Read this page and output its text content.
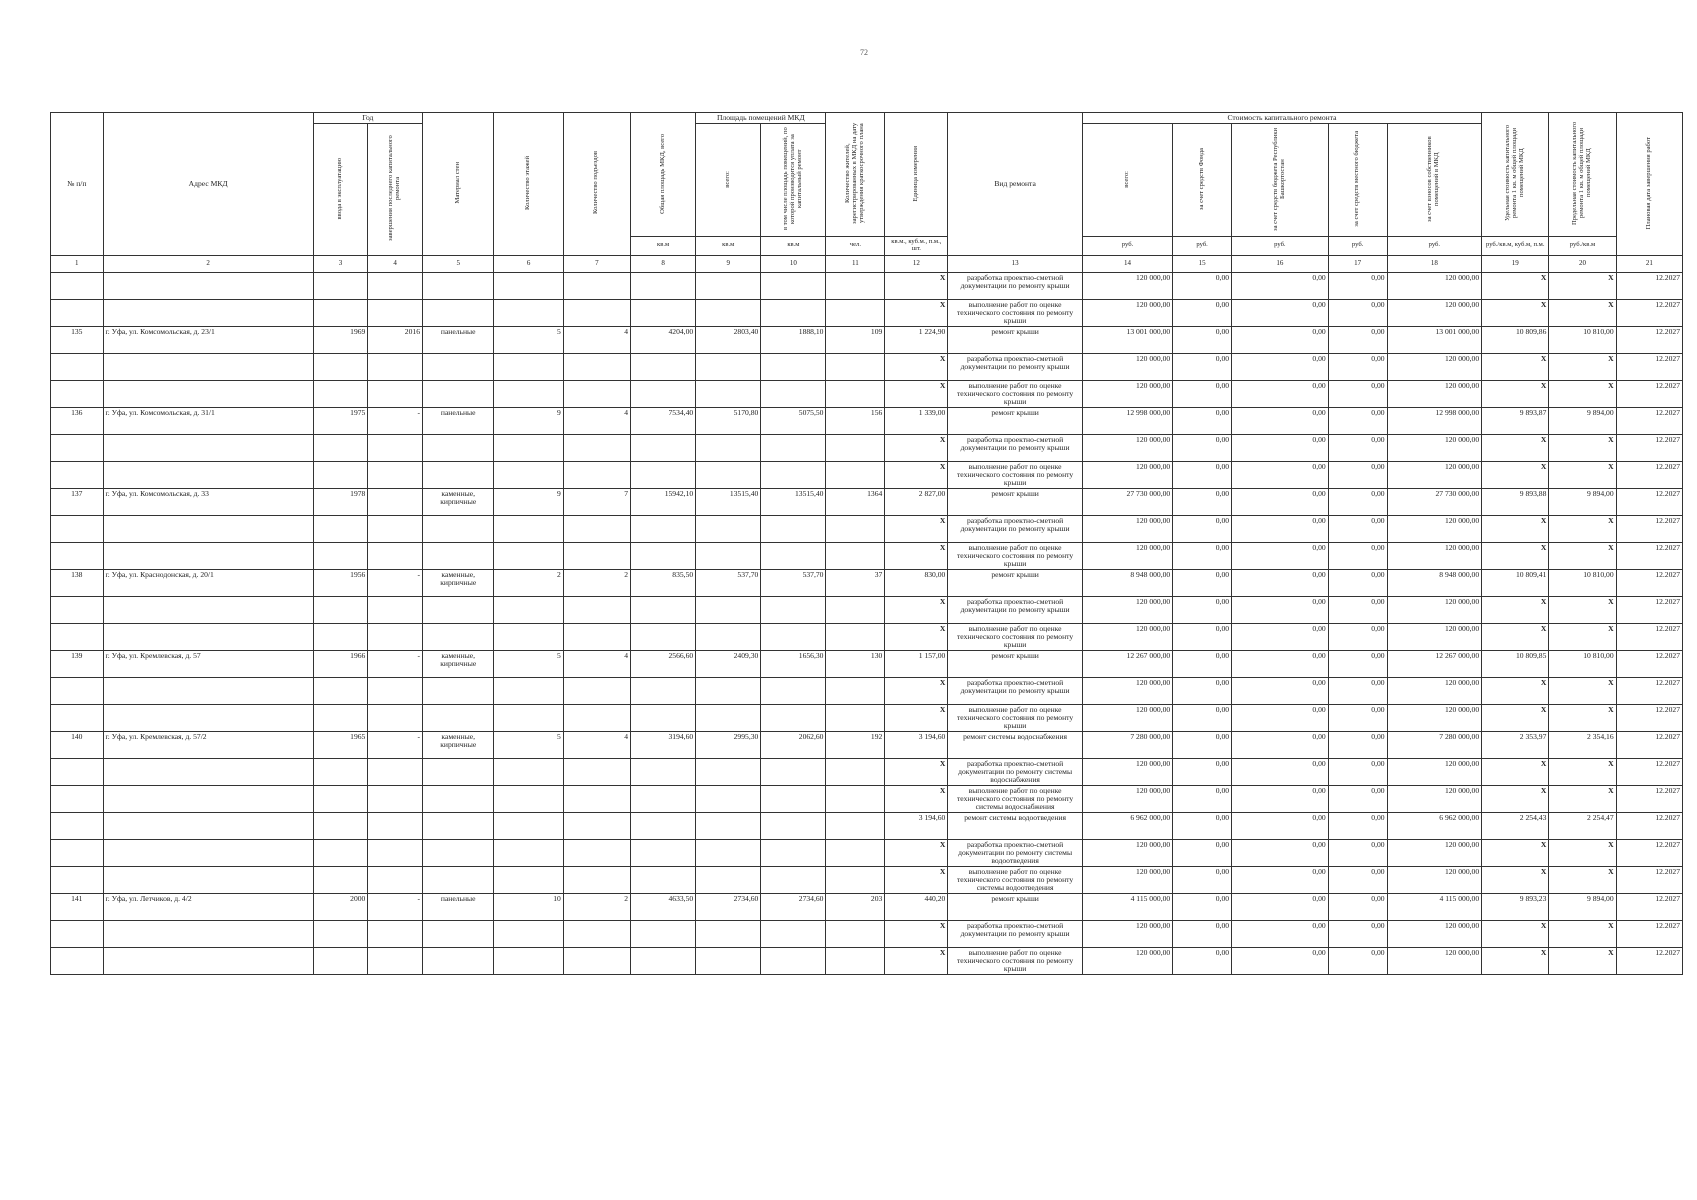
72
№ п/п	Адрес МКД	Год		Материал стен	Количество этажей	Количество подъездов	Общая площадь МКД, всего	Площадь помещений МКД		Количество жителей, зарегистрированных в МКД на дату утверждения краткосрочного плана	Единица измерения	Вид ремонта	Стоимость капитального ремонта					Удельная стоимость капитального ремонта 1 кв. м общей площади помещений МКД	Предельная стоимость капитального ремонта 1 кв. м общей площади помещений МКД	Плановая дата завершения работ
		ввода в эксплуатацию	завершения последнего капитального ремонта					всего:	в том числе площадь помещений, по которой производится уплата за капитальный ремонт				всего:	за счет средств Фонда	за счет средств бюджета Республики Башкортостан	за счет средств местного бюджета	за счет взносов собственников помещений в МКД			
							кв.м	кв.м	кв.м	чел.	кв.м., куб.м., п.м., шт.		руб.	руб.	руб.	руб.	руб.	руб./кв.м, куб.м, п.м.	руб./кв.м	
1	2	3	4	5	6	7	8	9	10	11	12	13	14	15	16	17	18	19	20	21
											X	разработка проектно-сметной документации по ремонту крыши	120 000,00	0,00	0,00	0,00	120 000,00	X	X	12.2027
											X	выполнение работ по оценке технического состояния по ремонту крыши	120 000,00	0,00	0,00	0,00	120 000,00	X	X	12.2027
135	г. Уфа, ул. Комсомольская, д. 23/1	1969	2016	панельные	5	4	4204,00	2803,40	1888,10	109	1 224,90	ремонт крыши	13 001 000,00	0,00	0,00	0,00	13 001 000,00	10 809,86	10 810,00	12.2027
											X	разработка проектно-сметной документации по ремонту крыши	120 000,00	0,00	0,00	0,00	120 000,00	X	X	12.2027
											X	выполнение работ по оценке технического состояния по ремонту крыши	120 000,00	0,00	0,00	0,00	120 000,00	X	X	12.2027
136	г. Уфа, ул. Комсомольская, д. 31/1	1975	-	панельные	9	4	7534,40	5170,80	5075,50	156	1 339,00	ремонт крыши	12 998 000,00	0,00	0,00	0,00	12 998 000,00	9 893,87	9 894,00	12.2027
											X	разработка проектно-сметной документации по ремонту крыши	120 000,00	0,00	0,00	0,00	120 000,00	X	X	12.2027
											X	выполнение работ по оценке технического состояния по ремонту крыши	120 000,00	0,00	0,00	0,00	120 000,00	X	X	12.2027
137	г. Уфа, ул. Комсомольская, д. 33	1978		каменные, кирпичные	9	7	15942,10	13515,40	13515,40	1364	2 827,00	ремонт крыши	27 730 000,00	0,00	0,00	0,00	27 730 000,00	9 893,88	9 894,00	12.2027
											X	разработка проектно-сметной документации по ремонту крыши	120 000,00	0,00	0,00	0,00	120 000,00	X	X	12.2027
											X	выполнение работ по оценке технического состояния по ремонту крыши	120 000,00	0,00	0,00	0,00	120 000,00	X	X	12.2027
138	г. Уфа, ул. Краснодонская, д. 20/1	1956	-	каменные, кирпичные	2	2	835,50	537,70	537,70	37	830,00	ремонт крыши	8 948 000,00	0,00	0,00	0,00	8 948 000,00	10 809,41	10 810,00	12.2027
											X	разработка проектно-сметной документации по ремонту крыши	120 000,00	0,00	0,00	0,00	120 000,00	X	X	12.2027
											X	выполнение работ по оценке технического состояния по ремонту крыши	120 000,00	0,00	0,00	0,00	120 000,00	X	X	12.2027
139	г. Уфа, ул. Кремлевская, д. 57	1966	-	каменные, кирпичные	5	4	2566,60	2409,30	1656,30	130	1 157,00	ремонт крыши	12 267 000,00	0,00	0,00	0,00	12 267 000,00	10 809,85	10 810,00	12.2027
											X	разработка проектно-сметной документации по ремонту крыши	120 000,00	0,00	0,00	0,00	120 000,00	X	X	12.2027
											X	выполнение работ по оценке технического состояния по ремонту крыши	120 000,00	0,00	0,00	0,00	120 000,00	X	X	12.2027
140	г. Уфа, ул. Кремлевская, д. 57/2	1965	-	каменные, кирпичные	5	4	3194,60	2995,30	2062,60	192	3 194,60	ремонт системы водоснабжения	7 280 000,00	0,00	0,00	0,00	7 280 000,00	2 353,97	2 354,16	12.2027
											X	разработка проектно-сметной документации по ремонту системы водоснабжения	120 000,00	0,00	0,00	0,00	120 000,00	X	X	12.2027
											X	выполнение работ по оценке технического состояния по ремонту системы водоснабжения	120 000,00	0,00	0,00	0,00	120 000,00	X	X	12.2027
											3 194,60	ремонт системы водоотведения	6 962 000,00	0,00	0,00	0,00	6 962 000,00	2 254,43	2 254,47	12.2027
											X	разработка проектно-сметной документации по ремонту системы водоотведения	120 000,00	0,00	0,00	0,00	120 000,00	X	X	12.2027
											X	выполнение работ по оценке технического состояния по ремонту системы водоотведения	120 000,00	0,00	0,00	0,00	120 000,00	X	X	12.2027
141	г. Уфа, ул. Летчиков, д. 4/2	2000	-	панельные	10	2	4633,50	2734,60	2734,60	203	440,20	ремонт крыши	4 115 000,00	0,00	0,00	0,00	4 115 000,00	9 893,23	9 894,00	12.2027
											X	разработка проектно-сметной документации по ремонту крыши	120 000,00	0,00	0,00	0,00	120 000,00	X	X	12.2027
											X	выполнение работ по оценке технического состояния по ремонту крыши	120 000,00	0,00	0,00	0,00	120 000,00	X	X	12.2027
